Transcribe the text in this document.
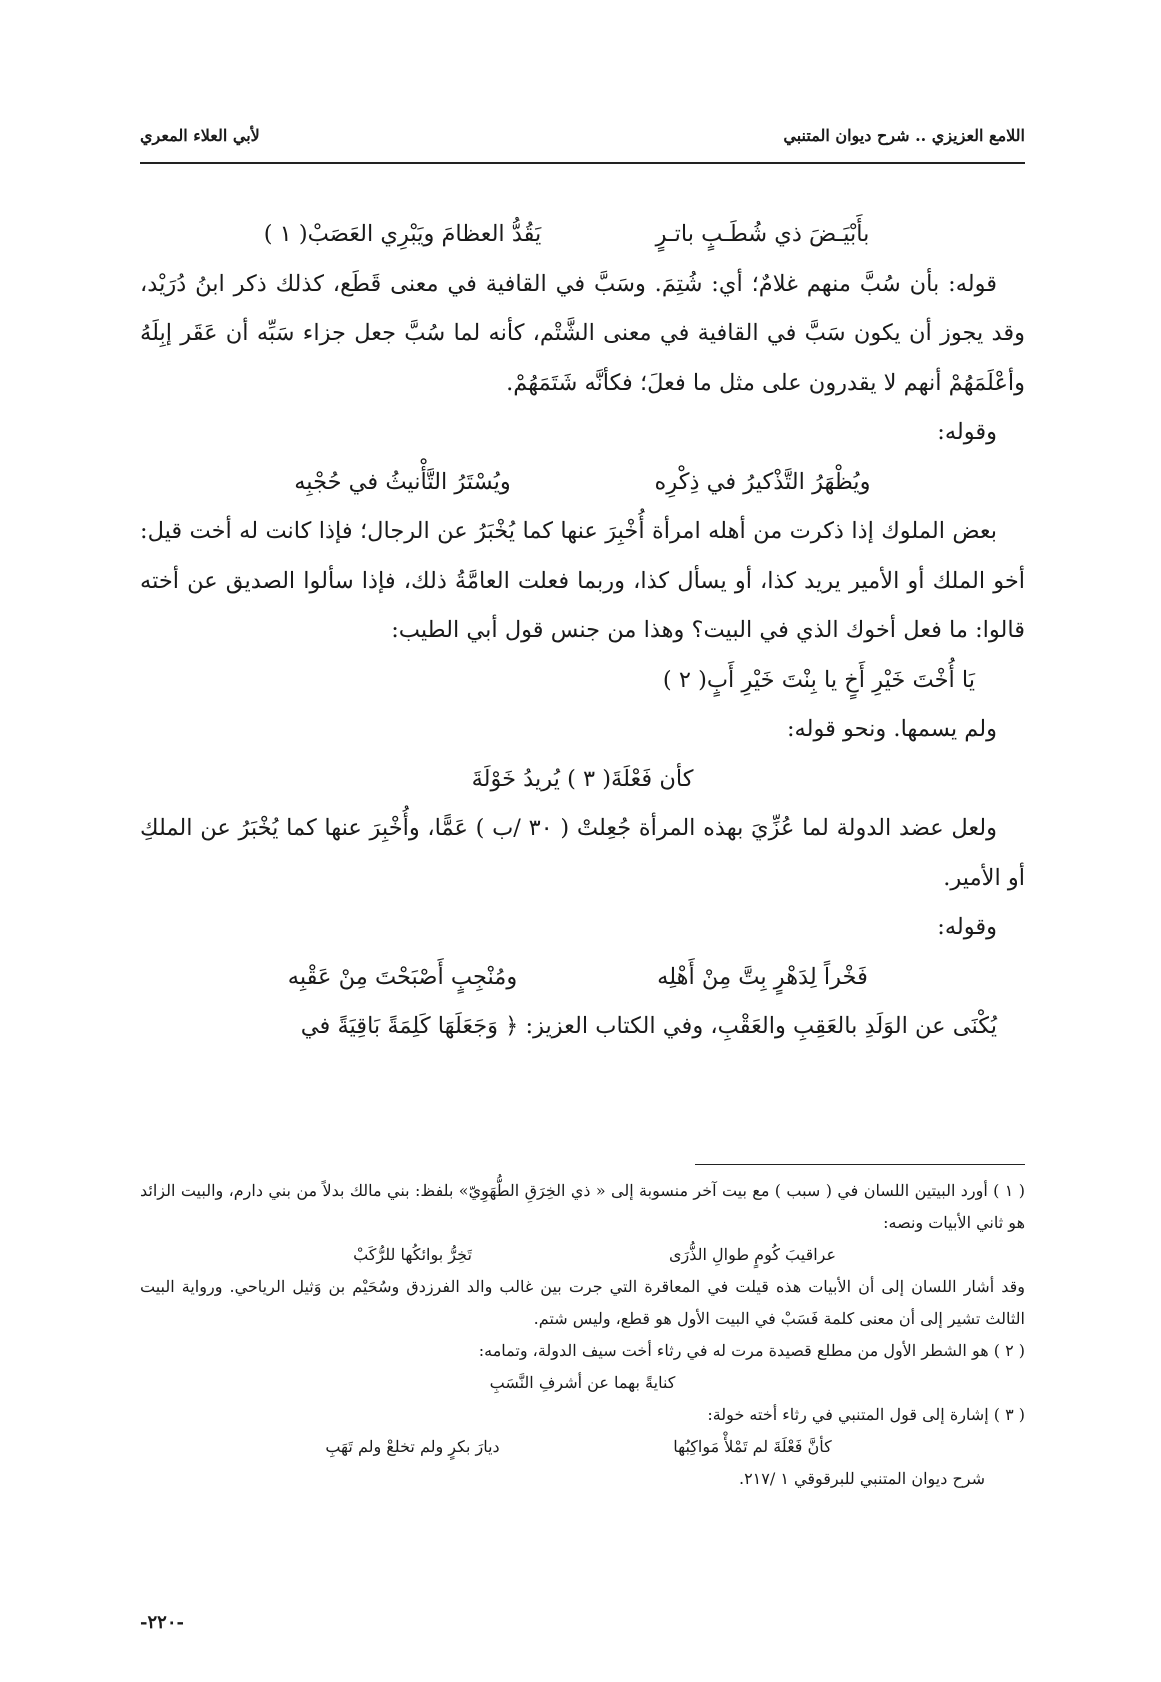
اللامع العزيزي .. شرح ديوان المتنبي
لأبي العلاء المعري
بأَبْيَـضَ ذي شُطَـبٍ باتـرٍ
يَقُدُّ العظامَ ويَبْرِي العَصَبْ( ١ )

قوله: بأن سُبَّ منهم غلامٌ؛ أي: شُتِمَ. وسَبَّ في القافية في معنى قَطَع، كذلك ذكر ابنُ دُرَيْد، وقد يجوز أن يكون سَبَّ في القافية في معنى الشَّتْم، كأنه لما سُبَّ جعل جزاء سَبِّه أن عَقَر إبِلَهُ وأعْلَمَهُمْ أنهم لا يقدرون على مثل ما فعلَ؛ فكأنَّه شَتَمَهُمْ.

وقوله:

ويُظْهَرُ التَّذْكيرُ في ذِكْرِه
ويُسْتَرُ التَّأْنيثُ في حُجْبِه

بعض الملوك إذا ذكرت من أهله امرأة أُخْبِرَ عنها كما يُخْبَرُ عن الرجال؛ فإذا كانت له أخت قيل: أخو الملك أو الأمير يريد كذا، أو يسأل كذا، وربما فعلت العامَّةُ ذلك، فإذا سألوا الصديق عن أخته قالوا: ما فعل أخوك الذي في البيت؟ وهذا من جنس قول أبي الطيب:

يَا أُخْتَ خَيْرِ أَخٍ يا بِنْتَ خَيْرِ أَبٍ( ٢ )

ولم يسمها. ونحو قوله:

كأن فَعْلَةَ( ٣ ) يُريدُ خَوْلَةَ

ولعل عضد الدولة لما عُزِّيَ بهذه المرأة جُعِلتْ ( ٣٠ /ب ) عَمًّا، وأُخْبِرَ عنها كما يُخْبَرُ عن الملكِ أو الأمير.

وقوله:

فَخْراً لِدَهْرٍ بِتَّ مِنْ أَهْلِه
ومُنْجِبٍ أَصْبَحْتَ مِنْ عَقْبِه

يُكْنَى عن الوَلَدِ بالعَقِبِ والعَقْبِ، وفي الكتاب العزيز: ﴿ وَجَعَلَهَا كَلِمَةً بَاقِيَةً في

( ١ ) أورد البيتين اللسان في ( سبب ) مع بيت آخر منسوبة إلى « ذي الخِرَقِ الطُّهَوِيّ» بلفظ: بني مالك بدلاً من بني دارم، والبيت الزائد هو ثاني الأبيات ونصه:

عراقيبَ كُومٍ طوالِ الذُّرَى
تَخِرُّ بوائكُها للرُّكَبْ

وقد أشار اللسان إلى أن الأبيات هذه قيلت في المعاقرة التي جرت بين غالب والد الفرزدق وسُحَيْم بن وَثيل الرياحي. ورواية البيت الثالث تشير إلى أن معنى كلمة فَسَبْ في البيت الأول هو قطع، وليس شتم.

( ٢ ) هو الشطر الأول من مطلع قصيدة مرت له في رثاء أخت سيف الدولة، وتمامه:

كنايةً بهما عن أشرفِ النَّسَبِ

( ٣ ) إشارة إلى قول المتنبي في رثاء أخته خولة:

كأنَّ فَعْلَةَ لم تَمْلأْ مَواكِبُها
ديارَ بكرٍ ولم تخلعْ ولم تَهَبِ

شرح ديوان المتنبي للبرقوقي ١ /٢١٧.

-٢٢٠-
